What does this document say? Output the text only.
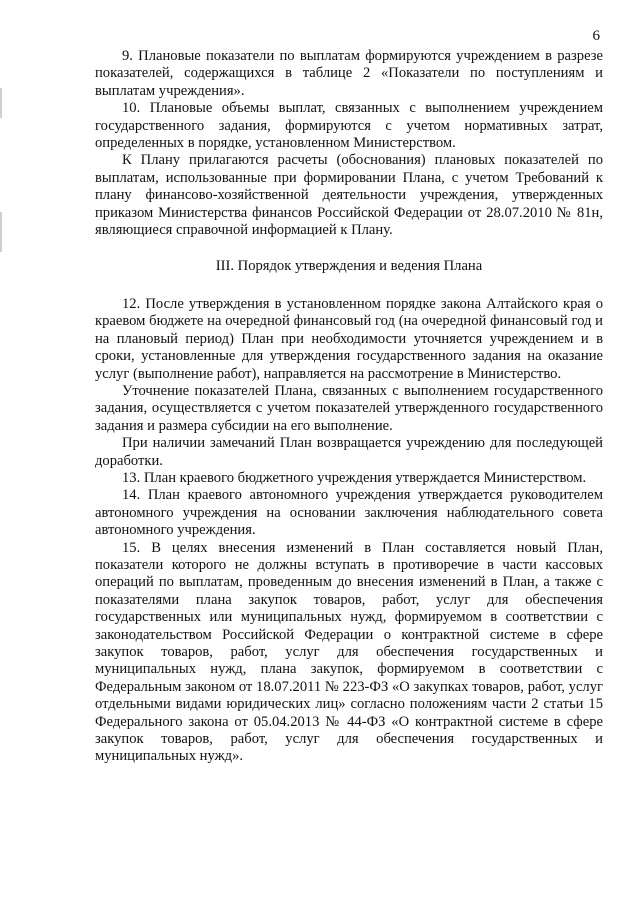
6

9. Плановые показатели по выплатам формируются учреждением в разрезе показателей, содержащихся в таблице 2 «Показатели по поступлениям и выплатам учреждения».

10. Плановые объемы выплат, связанных с выполнением учреждением государственного задания, формируются с учетом нормативных затрат, определенных в порядке, установленном Министерством.

К Плану прилагаются расчеты (обоснования) плановых показателей по выплатам, использованные при формировании Плана, с учетом Требований к плану финансово-хозяйственной деятельности учреждения, утвержденных приказом Министерства финансов Российской Федерации от 28.07.2010 № 81н, являющиеся справочной информацией к Плану.

III. Порядок утверждения и ведения Плана

12. После утверждения в установленном порядке закона Алтайского края о краевом бюджете на очередной финансовый год (на очередной финансовый год и на плановый период) План при необходимости уточняется учреждением и в сроки, установленные для утверждения государственного задания на оказание услуг (выполнение работ), направляется на рассмотрение в Министерство.

Уточнение показателей Плана, связанных с выполнением государственного задания, осуществляется с учетом показателей утвержденного государственного задания и размера субсидии на его выполнение.

При наличии замечаний План возвращается учреждению для последующей доработки.

13. План краевого бюджетного учреждения утверждается Министерством.

14. План краевого автономного учреждения утверждается руководителем автономного учреждения на основании заключения наблюдательного совета автономного учреждения.

15. В целях внесения изменений в План составляется новый План, показатели которого не должны вступать в противоречие в части кассовых операций по выплатам, проведенным до внесения изменений в План, а также с показателями плана закупок товаров, работ, услуг для обеспечения государственных или муниципальных нужд, формируемом в соответствии с законодательством Российской Федерации о контрактной системе в сфере закупок товаров, работ, услуг для обеспечения государственных и муниципальных нужд, плана закупок, формируемом в соответствии с Федеральным законом от 18.07.2011 № 223-ФЗ «О закупках товаров, работ, услуг отдельными видами юридических лиц» согласно положениям части 2 статьи 15 Федерального закона от 05.04.2013 № 44-ФЗ «О контрактной системе в сфере закупок товаров, работ, услуг для обеспечения государственных и муниципальных нужд».
